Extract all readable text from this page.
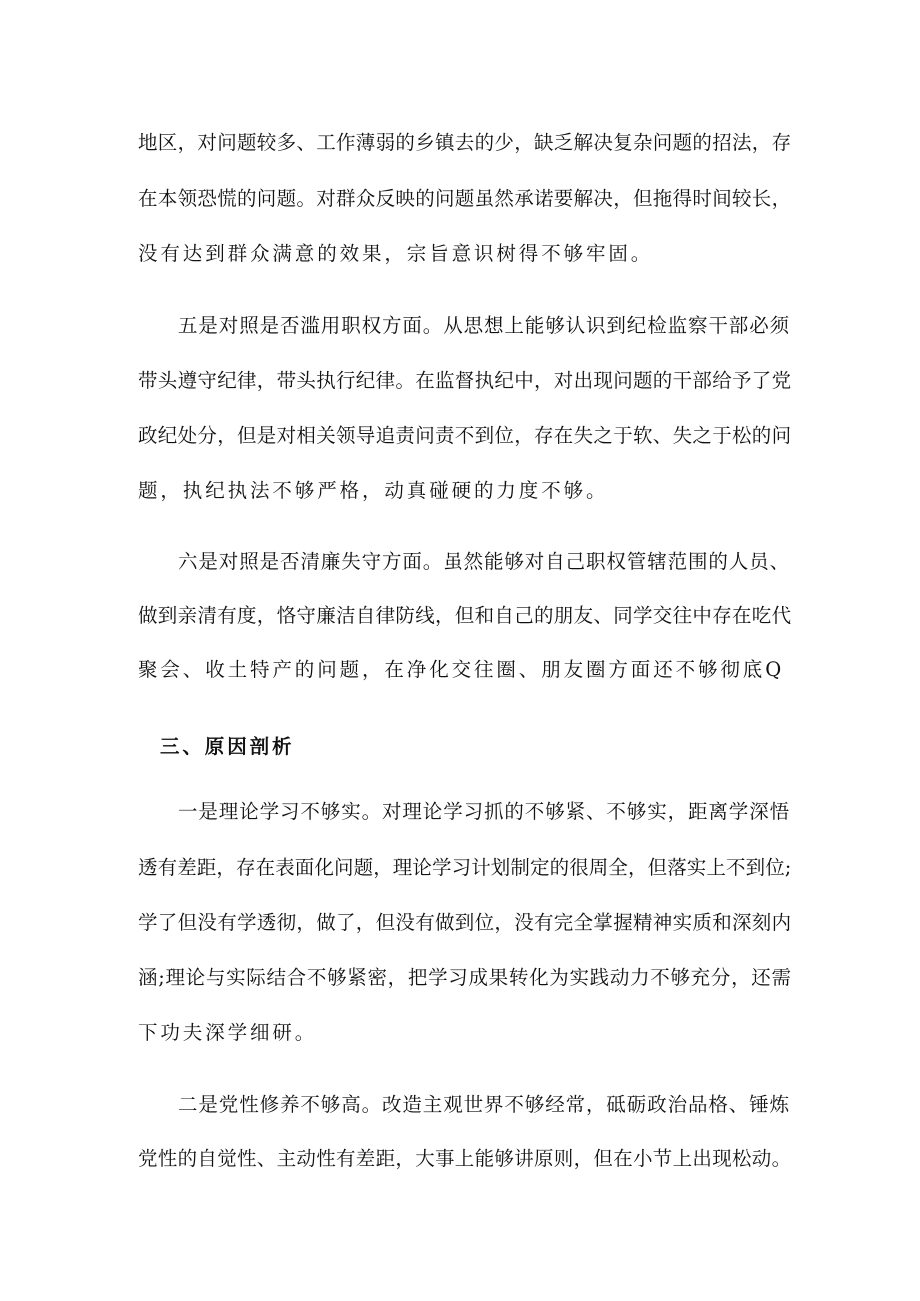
地区，对问题较多、工作薄弱的乡镇去的少，缺乏解决复杂问题的招法，存
在本领恐慌的问题。对群众反映的问题虽然承诺要解决，但拖得时间较长，
没有达到群众满意的效果，宗旨意识树得不够牢固。
五是对照是否滥用职权方面。从思想上能够认识到纪检监察干部必须
带头遵守纪律，带头执行纪律。在监督执纪中，对出现问题的干部给予了党
政纪处分，但是对相关领导追责问责不到位，存在失之于软、失之于松的问
题，执纪执法不够严格，动真碰硬的力度不够。
六是对照是否清廉失守方面。虽然能够对自己职权管辖范围的人员、
做到亲清有度，恪守廉洁自律防线，但和自己的朋友、同学交往中存在吃代
聚会、收土特产的问题，在净化交往圈、朋友圈方面还不够彻底Q
三、原因剖析
一是理论学习不够实。对理论学习抓的不够紧、不够实，距离学深悟
透有差距，存在表面化问题，理论学习计划制定的很周全，但落实上不到位;
学了但没有学透彻，做了，但没有做到位，没有完全掌握精神实质和深刻内
涵;理论与实际结合不够紧密，把学习成果转化为实践动力不够充分，还需
下功夫深学细研。
二是党性修养不够高。改造主观世界不够经常，砥砺政治品格、锤炼
党性的自觉性、主动性有差距，大事上能够讲原则，但在小节上出现松动。
